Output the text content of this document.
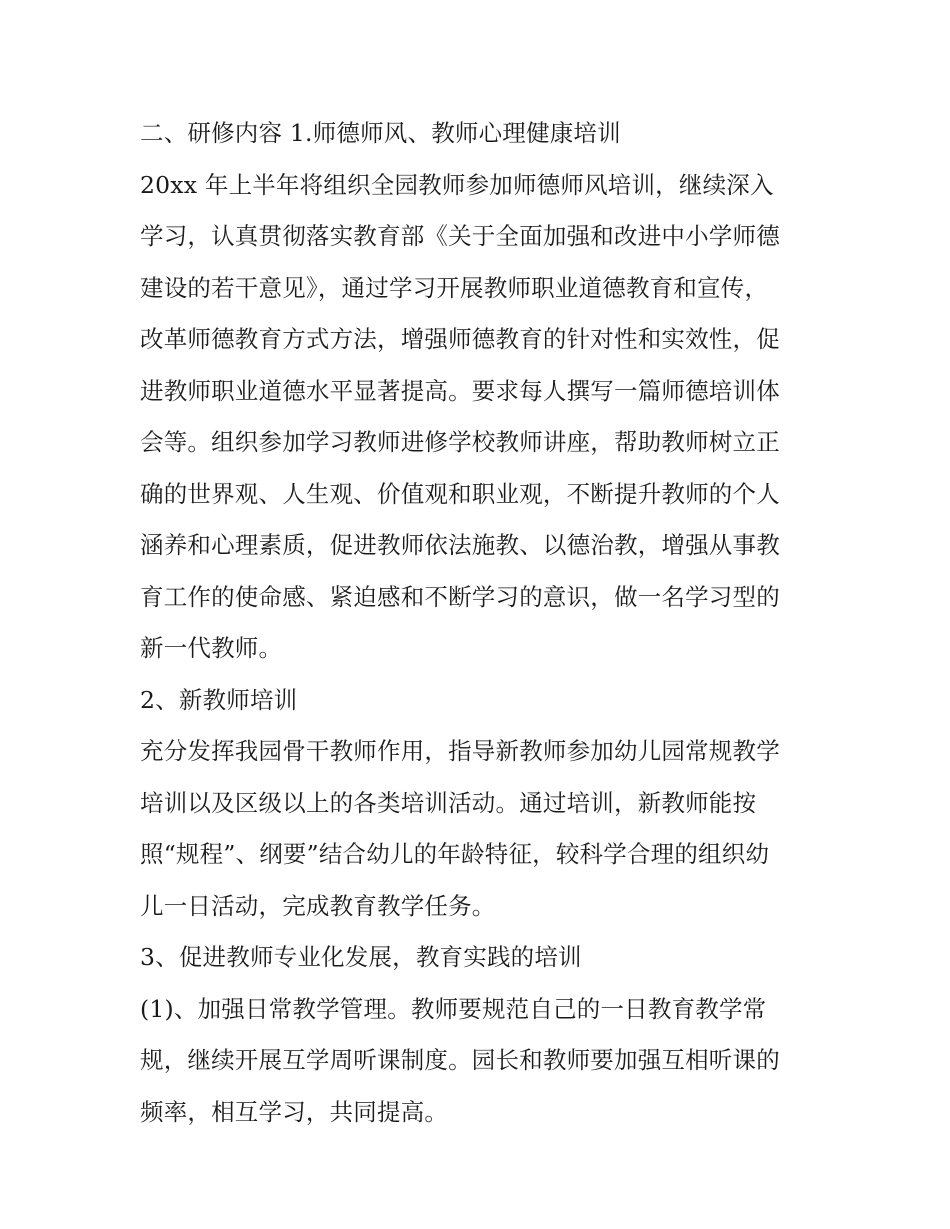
二、研修内容 1.师德师风、教师心理健康培训
20xx 年上半年将组织全园教师参加师德师风培训，继续深入
学习，认真贯彻落实教育部《关于全面加强和改进中小学师德
建设的若干意见》，通过学习开展教师职业道德教育和宣传，
改革师德教育方式方法，增强师德教育的针对性和实效性，促
进教师职业道德水平显著提高。要求每人撰写一篇师德培训体
会等。组织参加学习教师进修学校教师讲座，帮助教师树立正
确的世界观、人生观、价值观和职业观，不断提升教师的个人
涵养和心理素质，促进教师依法施教、以德治教，增强从事教
育工作的使命感、紧迫感和不断学习的意识，做一名学习型的
新一代教师。
2、新教师培训
充分发挥我园骨干教师作用，指导新教师参加幼儿园常规教学
培训以及区级以上的各类培训活动。通过培训，新教师能按
照“规程”、纲要”结合幼儿的年龄特征，较科学合理的组织幼
儿一日活动，完成教育教学任务。
3、促进教师专业化发展，教育实践的培训
(1)、加强日常教学管理。教师要规范自己的一日教育教学常
规，继续开展互学周听课制度。园长和教师要加强互相听课的
频率，相互学习，共同提高。
